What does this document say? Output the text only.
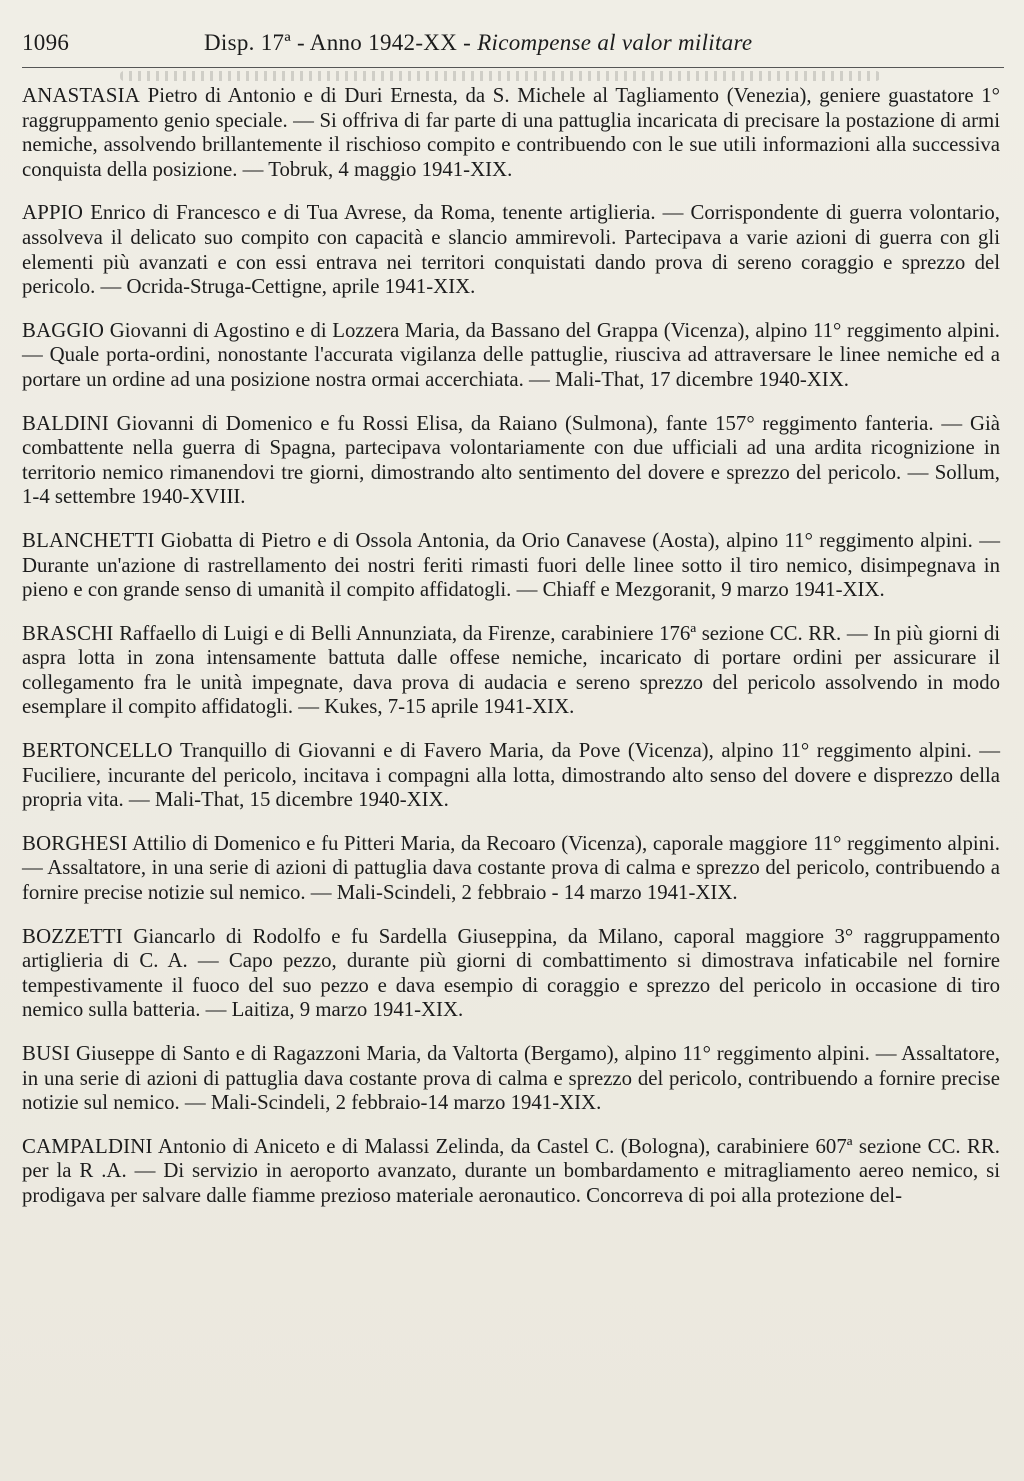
1096	Disp. 17ª - Anno 1942-XX - Ricompense al valor militare

ANASTASIA Pietro di Antonio e di Duri Ernesta, da S. Michele al Tagliamento (Venezia), geniere guastatore 1° raggruppamento genio speciale. — Si offriva di far parte di una pattuglia incaricata di precisare la postazione di armi nemiche, assolvendo brillantemente il rischioso compito e contribuendo con le sue utili informazioni alla successiva conquista della posizione. — Tobruk, 4 maggio 1941-XIX.

APPIO Enrico di Francesco e di Tua Avrese, da Roma, tenente artiglieria. — Corrispondente di guerra volontario, assolveva il delicato suo compito con capacità e slancio ammirevoli. Partecipava a varie azioni di guerra con gli elementi più avanzati e con essi entrava nei territori conquistati dando prova di sereno coraggio e sprezzo del pericolo. — Ocrida-Struga-Cettigne, aprile 1941-XIX.

BAGGIO Giovanni di Agostino e di Lozzera Maria, da Bassano del Grappa (Vicenza), alpino 11° reggimento alpini. — Quale porta-ordini, nonostante l'accurata vigilanza delle pattuglie, riusciva ad attraversare le linee nemiche ed a portare un ordine ad una posizione nostra ormai accerchiata. — Mali-That, 17 dicembre 1940-XIX.

BALDINI Giovanni di Domenico e fu Rossi Elisa, da Raiano (Sulmona), fante 157° reggimento fanteria. — Già combattente nella guerra di Spagna, partecipava volontariamente con due ufficiali ad una ardita ricognizione in territorio nemico rimanendovi tre giorni, dimostrando alto sentimento del dovere e sprezzo del pericolo. — Sollum, 1-4 settembre 1940-XVIII.

BLANCHETTI Giobatta di Pietro e di Ossola Antonia, da Orio Canavese (Aosta), alpino 11° reggimento alpini. — Durante un'azione di rastrellamento dei nostri feriti rimasti fuori delle linee sotto il tiro nemico, disimpegnava in pieno e con grande senso di umanità il compito affidatogli. — Chiaff e Mezgoranit, 9 marzo 1941-XIX.

BRASCHI Raffaello di Luigi e di Belli Annunziata, da Firenze, carabiniere 176ª sezione CC. RR. — In più giorni di aspra lotta in zona intensamente battuta dalle offese nemiche, incaricato di portare ordini per assicurare il collegamento fra le unità impegnate, dava prova di audacia e sereno sprezzo del pericolo assolvendo in modo esemplare il compito affidatogli. — Kukes, 7-15 aprile 1941-XIX.

BERTONCELLO Tranquillo di Giovanni e di Favero Maria, da Pove (Vicenza), alpino 11° reggimento alpini. — Fuciliere, incurante del pericolo, incitava i compagni alla lotta, dimostrando alto senso del dovere e disprezzo della propria vita. — Mali-That, 15 dicembre 1940-XIX.

BORGHESI Attilio di Domenico e fu Pitteri Maria, da Recoaro (Vicenza), caporale maggiore 11° reggimento alpini. — Assaltatore, in una serie di azioni di pattuglia dava costante prova di calma e sprezzo del pericolo, contribuendo a fornire precise notizie sul nemico. — Mali-Scindeli, 2 febbraio - 14 marzo 1941-XIX.

BOZZETTI Giancarlo di Rodolfo e fu Sardella Giuseppina, da Milano, caporal maggiore 3° raggruppamento artiglieria di C. A. — Capo pezzo, durante più giorni di combattimento si dimostrava infaticabile nel fornire tempestivamente il fuoco del suo pezzo e dava esempio di coraggio e sprezzo del pericolo in occasione di tiro nemico sulla batteria. — Laitiza, 9 marzo 1941-XIX.

BUSI Giuseppe di Santo e di Ragazzoni Maria, da Valtorta (Bergamo), alpino 11° reggimento alpini. — Assaltatore, in una serie di azioni di pattuglia dava costante prova di calma e sprezzo del pericolo, contribuendo a fornire precise notizie sul nemico. — Mali-Scindeli, 2 febbraio-14 marzo 1941-XIX.

CAMPALDINI Antonio di Aniceto e di Malassi Zelinda, da Castel C. (Bologna), carabiniere 607ª sezione CC. RR. per la R .A. — Di servizio in aeroporto avanzato, durante un bombardamento e mitragliamento aereo nemico, si prodigava per salvare dalle fiamme prezioso materiale aeronautico. Concorreva di poi alla protezione del-
